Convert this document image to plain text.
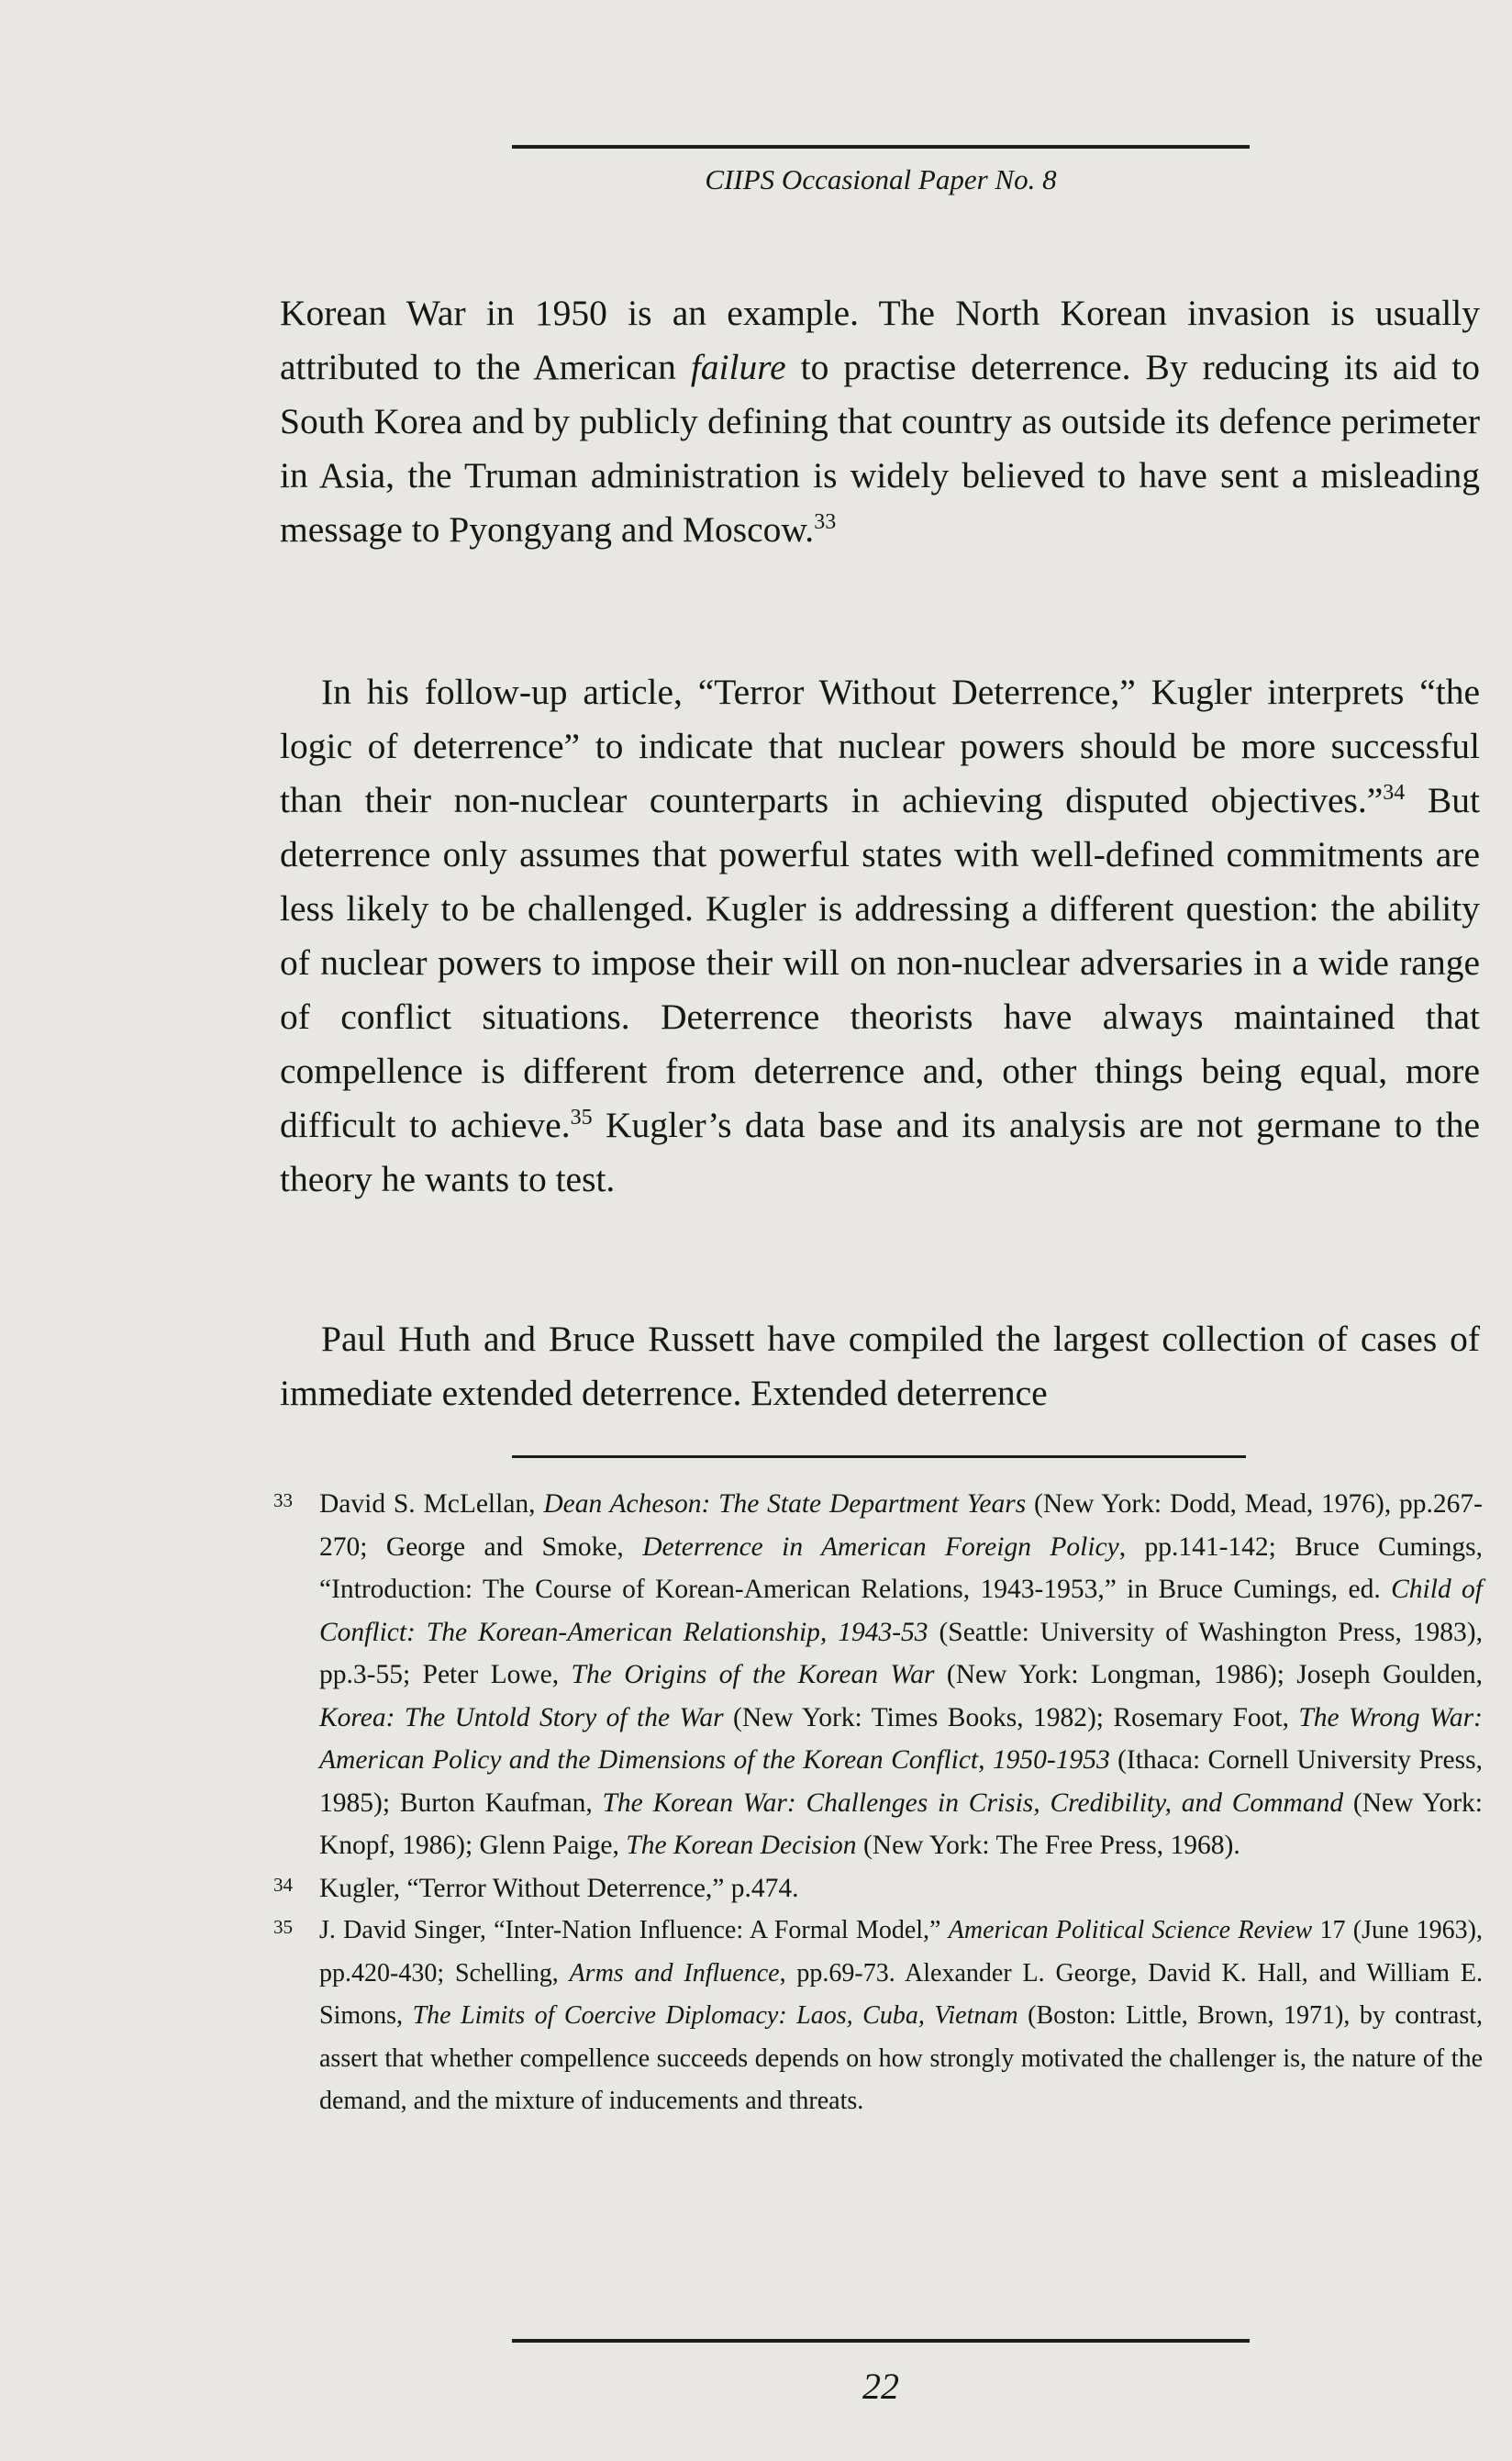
CIIPS Occasional Paper No. 8

Korean War in 1950 is an example. The North Korean invasion is usually attributed to the American failure to practise deterrence. By reducing its aid to South Korea and by publicly defining that country as outside its defence perimeter in Asia, the Truman administration is widely believed to have sent a misleading message to Pyongyang and Moscow.$^{33}$

In his follow-up article, “Terror Without Deterrence,” Kugler interprets “the logic of deterrence” to indicate that nuclear powers should be more successful than their non-nuclear counterparts in achieving disputed objectives.”$^{34}$ But deterrence only assumes that powerful states with well-defined commitments are less likely to be challenged. Kugler is addressing a different question: the ability of nuclear powers to impose their will on non-nuclear adversaries in a wide range of conflict situations. Deterrence theorists have always maintained that compellence is different from deterrence and, other things being equal, more difficult to achieve.$^{35}$ Kugler’s data base and its analysis are not germane to the theory he wants to test.

Paul Huth and Bruce Russett have compiled the largest collection of cases of immediate extended deterrence. Extended deterrence

33 David S. McLellan, Dean Acheson: The State Department Years (New York: Dodd, Mead, 1976), pp.267-270; George and Smoke, Deterrence in American Foreign Policy, pp.141-142; Bruce Cumings, “Introduction: The Course of Korean-American Relations, 1943-1953,” in Bruce Cumings, ed. Child of Conflict: The Korean-American Relationship, 1943-53 (Seattle: University of Washington Press, 1983), pp.3-55; Peter Lowe, The Origins of the Korean War (New York: Longman, 1986); Joseph Goulden, Korea: The Untold Story of the War (New York: Times Books, 1982); Rosemary Foot, The Wrong War: American Policy and the Dimensions of the Korean Conflict, 1950-1953 (Ithaca: Cornell University Press, 1985); Burton Kaufman, The Korean War: Challenges in Crisis, Credibility, and Command (New York: Knopf, 1986); Glenn Paige, The Korean Decision (New York: The Free Press, 1968).
34 Kugler, “Terror Without Deterrence,” p.474.
35	J. David Singer, “Inter-Nation Influence: A Formal Model,” American Political Science Review 17 (June 1963), pp.420-430; Schelling, Arms and Influence, pp.69-73. Alexander L. George, David K. Hall, and William E. Simons, The Limits of Coercive Diplomacy: Laos, Cuba, Vietnam (Boston: Little, Brown, 1971), by contrast, assert that whether compellence succeeds depends on how strongly motivated the challenger is, the nature of the demand, and the mixture of inducements and threats.
22
